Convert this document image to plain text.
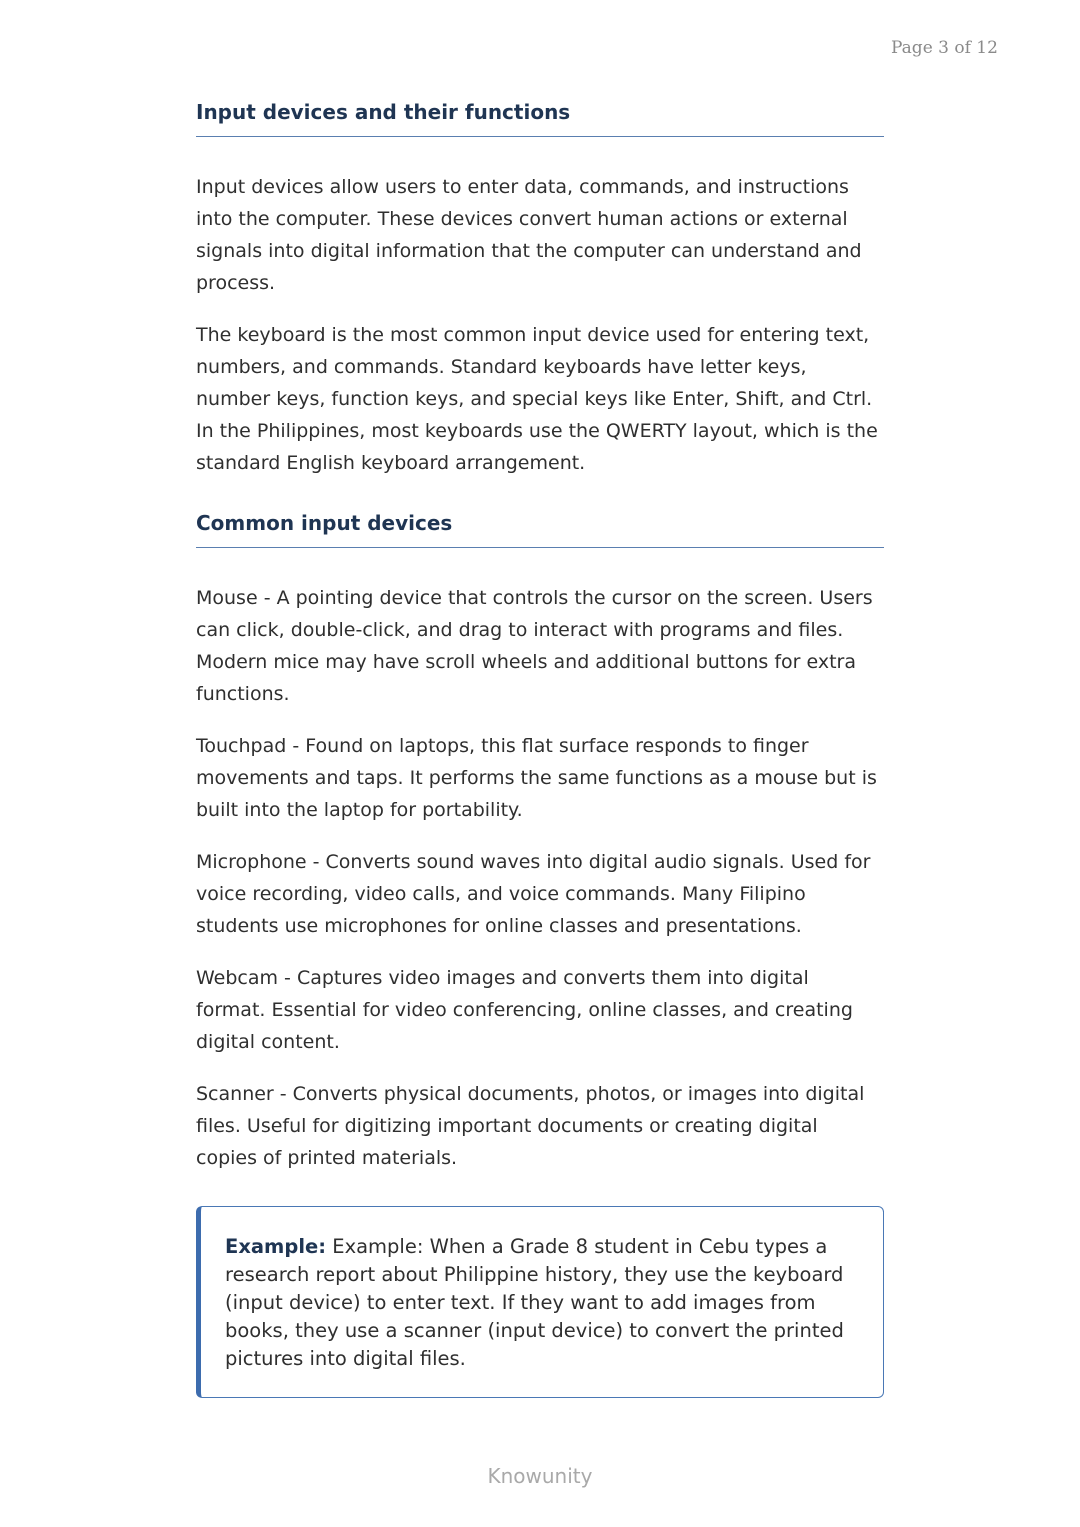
Page 3 of 12
Input devices and their functions

Input devices allow users to enter data, commands, and instructions into the computer. These devices convert human actions or external signals into digital information that the computer can understand and process.

The keyboard is the most common input device used for entering text, numbers, and commands. Standard keyboards have letter keys, number keys, function keys, and special keys like Enter, Shift, and Ctrl. In the Philippines, most keyboards use the QWERTY layout, which is the standard English keyboard arrangement.

Common input devices

Mouse - A pointing device that controls the cursor on the screen. Users can click, double-click, and drag to interact with programs and files. Modern mice may have scroll wheels and additional buttons for extra functions.

Touchpad - Found on laptops, this flat surface responds to finger movements and taps. It performs the same functions as a mouse but is built into the laptop for portability.

Microphone - Converts sound waves into digital audio signals. Used for voice recording, video calls, and voice commands. Many Filipino students use microphones for online classes and presentations.

Webcam - Captures video images and converts them into digital format. Essential for video conferencing, online classes, and creating digital content.

Scanner - Converts physical documents, photos, or images into digital files. Useful for digitizing important documents or creating digital copies of printed materials.

Example: Example: When a Grade 8 student in Cebu types a research report about Philippine history, they use the keyboard (input device) to enter text. If they want to add images from books, they use a scanner (input device) to convert the printed pictures into digital files.
Knowunity
